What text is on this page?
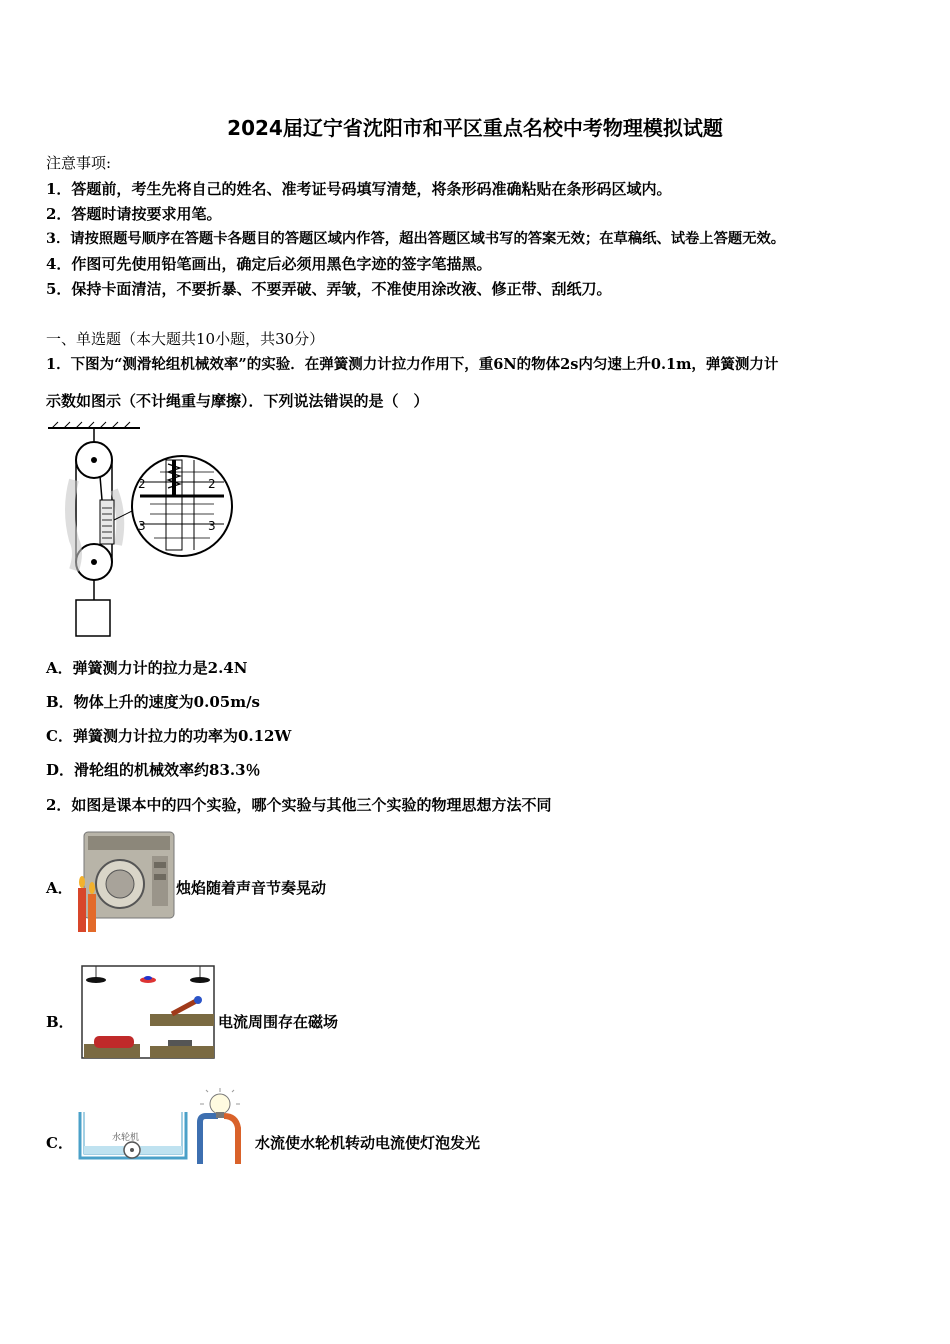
2024届辽宁省沈阳市和平区重点名校中考物理模拟试题
注意事项:
1．答题前，考生先将自己的姓名、准考证号码填写清楚，将条形码准确粘贴在条形码区域内。
2．答题时请按要求用笔。
3．请按照题号顺序在答题卡各题目的答题区域内作答，超出答题区域书写的答案无效；在草稿纸、试卷上答题无效。
4．作图可先使用铅笔画出，确定后必须用黑色字迹的签字笔描黑。
5．保持卡面清洁，不要折暴、不要弄破、弄皱，不准使用涂改液、修正带、刮纸刀。
一、单选题（本大题共10小题，共30分）
1．下图为“测滑轮组机械效率”的实验．在弹簧测力计拉力作用下，重6N的物体2s内匀速上升0.1m，弹簧测力计
示数如图示（不计绳重与摩擦）．下列说法错误的是（　）
2	2
3	3
A．弹簧测力计的拉力是2.4N
B．物体上升的速度为0.05m/s
C．弹簧测力计拉力的功率为0.12W
D．滑轮组的机械效率约83.3％
2．如图是课本中的四个实验，哪个实验与其他三个实验的物理思想方法不同
A．	烛焰随着声音节奏晃动
B．	电流周围存在磁场
C．	水轮机	水流使水轮机转动电流使灯泡发光
